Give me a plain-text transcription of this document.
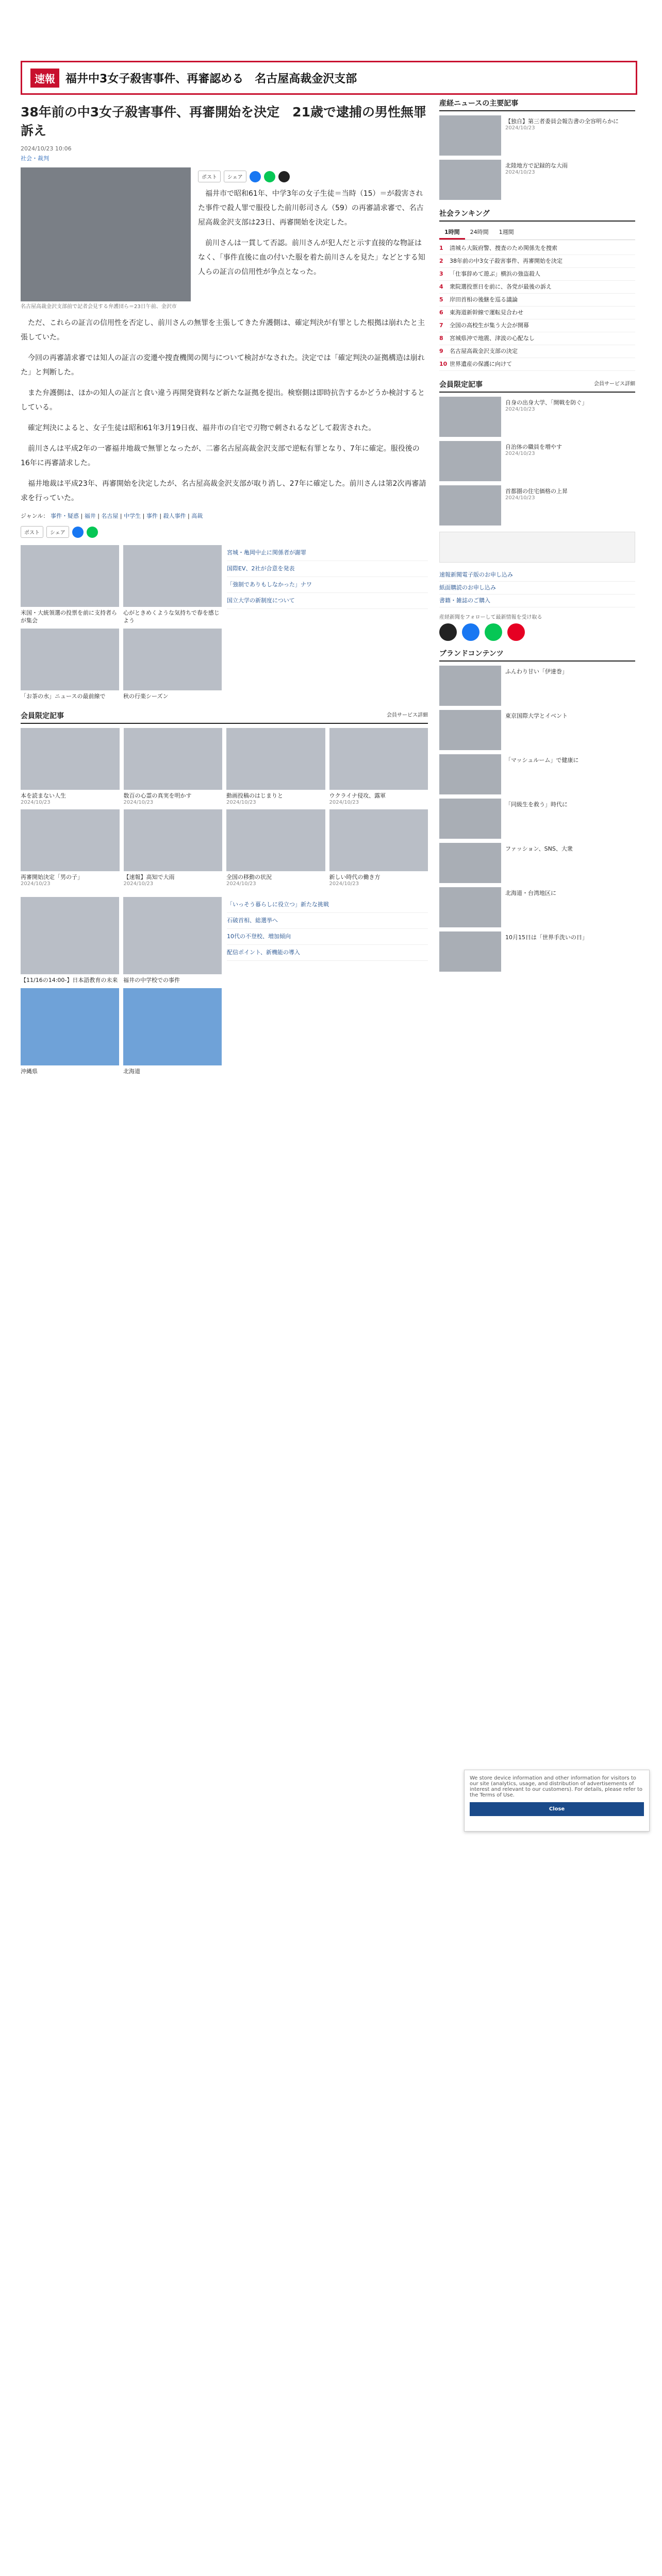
速報 福井中3女子殺害事件、再審認める　名古屋高裁金沢支部
38年前の中3女子殺害事件、再審開始を決定　21歳で逮捕の男性無罪訴え
2024/10/23 10:06
社会・裁判
名古屋高裁金沢支部前で記者会見する弁護団ら＝23日午前、金沢市
ポスト	シェア

福井市で昭和61年、中学3年の女子生徒＝当時（15）＝が殺害された事件で殺人罪で服役した前川彰司さん（59）の再審請求審で、名古屋高裁金沢支部は23日、再審開始を決定した。

前川さんは一貫して否認。前川さんが犯人だと示す直接的な物証はなく、「事件直後に血の付いた服を着た前川さんを見た」などとする知人らの証言の信用性が争点となった。

ただ、これらの証言の信用性を否定し、前川さんの無罪を主張してきた弁護側は、確定判決が有罪とした根拠は崩れたと主張していた。

今回の再審請求審では知人の証言の変遷や捜査機関の関与について検討がなされた。決定では「確定判決の証拠構造は崩れた」と判断した。

また弁護側は、ほかの知人の証言と食い違う再開発資料など新たな証拠を提出。検察側は即時抗告するかどうか検討するとしている。

確定判決によると、女子生徒は昭和61年3月19日夜、福井市の自宅で刃物で刺されるなどして殺害された。

前川さんは平成2年の一審福井地裁で無罪となったが、二審名古屋高裁金沢支部で逆転有罪となり、7年に確定。服役後の16年に再審請求した。

福井地裁は平成23年、再審開始を決定したが、名古屋高裁金沢支部が取り消し、27年に確定した。前川さんは第2次再審請求を行っていた。

ジャンル： 事件・疑惑 | 福井 | 名古屋 | 中学生 | 事件 | 殺人事件 | 高裁
ポスト	シェア
米国・大統領選の投票を前に支持者らが集会
心がときめくような気持ちで春を感じよう
「お茶の水」ニュースの最前線で	秋の行楽シーズン
宮城・亀岡中止に関係者が謝罪
国際EV、2社が合意を発表
「強制でありもしなかった」ナワ
国立大学の新制度について
会員限定記事	会員サービス詳細
本を読まない人生
2024/10/23
数百の心霊の真実を明かす
2024/10/23
動画投稿のはじまりと
2024/10/23
ウクライナ侵攻、露軍
2024/10/23
再審開始決定「男の子」
2024/10/23
【速報】高知で大雨
2024/10/23
全国の移動の状況
2024/10/23
新しい時代の働き方
2024/10/23
【11/16の14:00-】日本語教育の未来 福井の中学校での事件
沖縄県	北海道
「いっそう暮らしに役立つ」新たな挑戦
石破首相、総選挙へ
10代の不登校、増加傾向
配信ポイント、新機能の導入
産経ニュースの主要記事
【独自】第三者委員会報告書の全容明らかに
2024/10/23
北陸地方で記録的な大雨
2024/10/23
社会ランキング
1時間	24時間	1週間
1	清城ら大阪府警、捜査のため関係先を捜索
2	38年前の中3女子殺害事件、再審開始を決定
3	「仕事辞めて遊ぶ」横浜の強盗殺人
4	衆院選投票日を前に、各党が最後の訴え
5	岸田首相の後継を巡る議論
6	東海道新幹線で運転見合わせ
7	全国の高校生が集う大会が開幕
8	宮城県沖で地震、津波の心配なし
9	名古屋高裁金沢支部の決定
10 世界遺産の保護に向けて
会員限定記事	会員サービス詳細
自身の出身大学、「開戦を防ぐ」
2024/10/23
自治体の職員を増やす
2024/10/23
首都圏の住宅価格の上昇
2024/10/23
速報新聞電子版のお申し込み
紙面購読のお申し込み
書籍・雑誌のご購入
産経新聞をフォローして最新情報を受け取る
ブランドコンテンツ
ふんわり甘い「伊達巻」
東京国際大学とイベント
「マッシュルーム」で健康に
「同級生を救う」時代に
ファッション、SNS、大衆
北海道・台湾地区に
10月15日は「世界手洗いの日」
We store device information and other information for visitors to our site (analytics, usage, and distribution of advertisements of interest and relevant to our customers). For details, please refer to the Terms of Use.
Close
